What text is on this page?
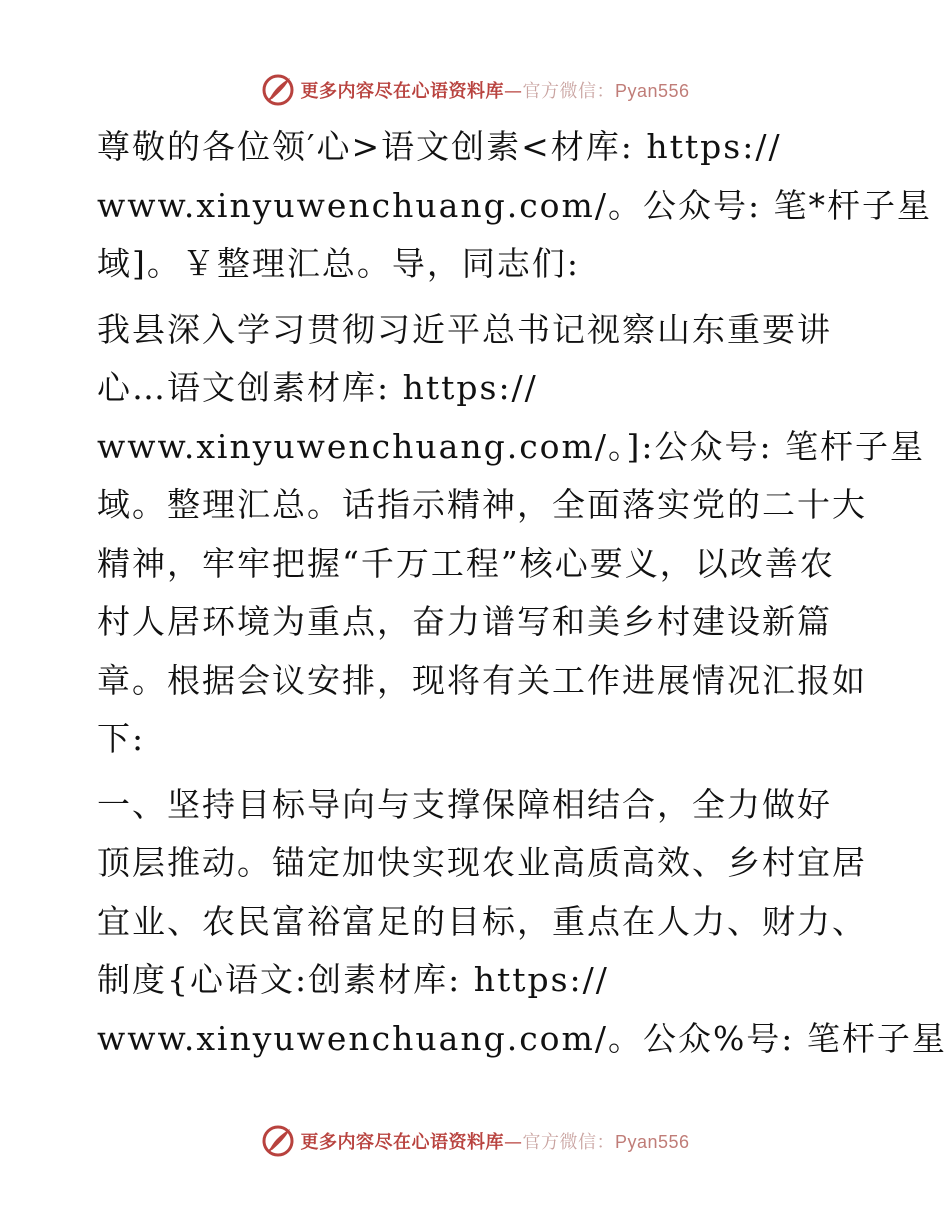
更多内容尽在心语资料库—官方微信：Pyan556
尊敬的各位领′心>语文创素<材库: https://
www.xinyuwenchuang.com/。公众号: 笔*杆子星
域]。￥整理汇总。导，同志们:
我县深入学习贯彻习近平总书记视察山东重要讲
心…语文创素材库: https://
www.xinyuwenchuang.com/。]:公众号: 笔杆子星
域。整理汇总。话指示精神，全面落实党的二十大
精神，牢牢把握“千万工程”核心要义，以改善农
村人居环境为重点，奋力谱写和美乡村建设新篇
章。根据会议安排，现将有关工作进展情况汇报如
下:
一、坚持目标导向与支撑保障相结合，全力做好
顶层推动。锚定加快实现农业高质高效、乡村宜居
宜业、农民富裕富足的目标，重点在人力、财力、
制度{心语文:创素材库: https://
www.xinyuwenchuang.com/。公众%号: 笔杆子星
更多内容尽在心语资料库—官方微信：Pyan556
